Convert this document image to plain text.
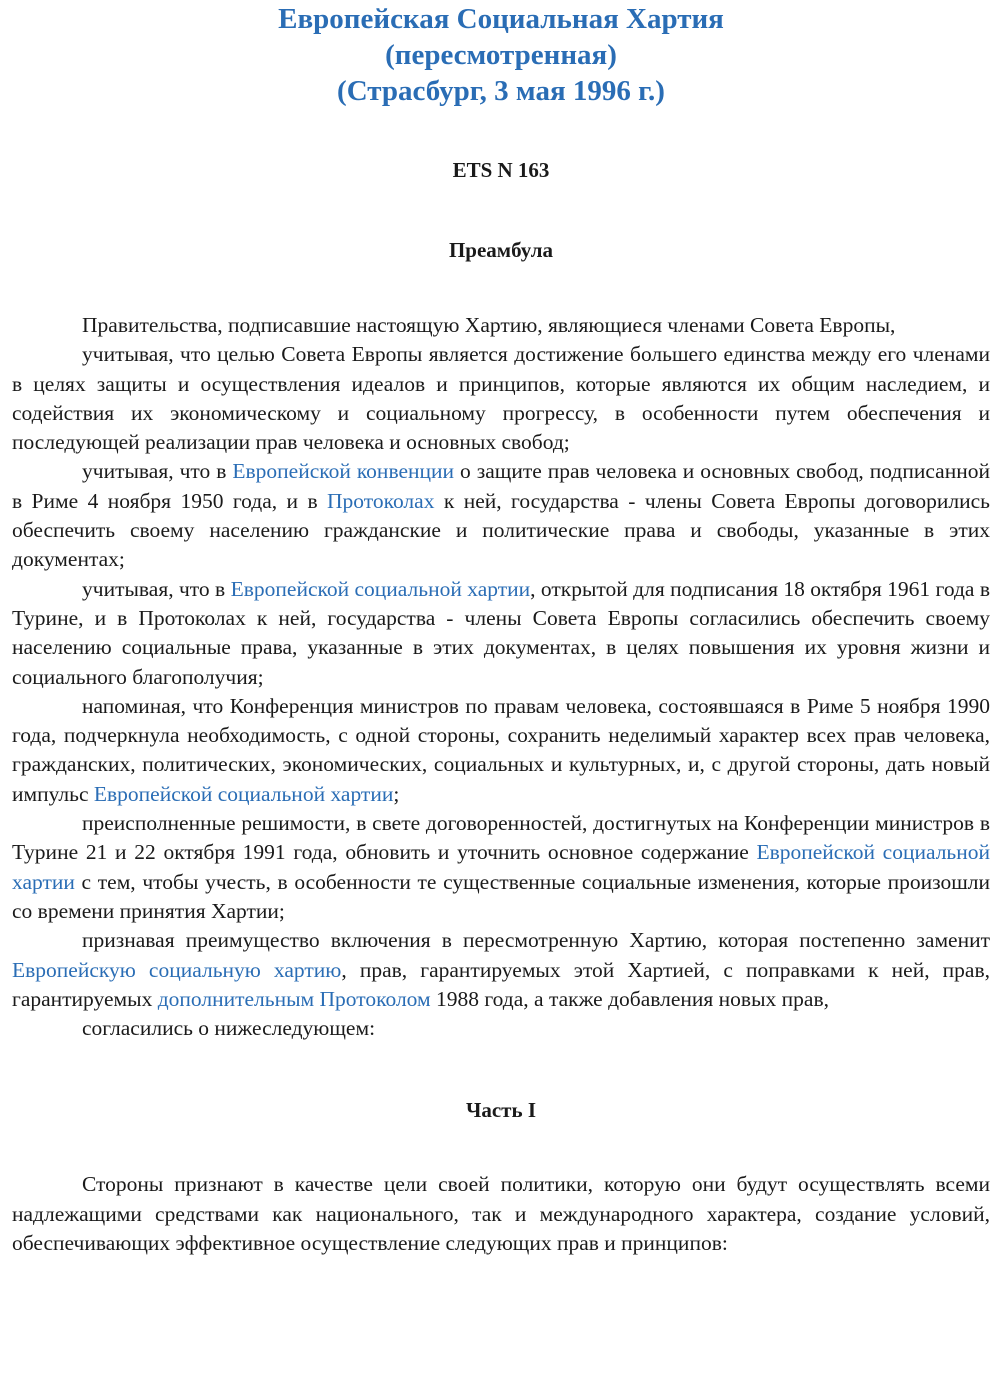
Европейская Социальная Хартия
(пересмотренная)
(Страсбург, 3 мая 1996 г.)
ETS N 163
Преамбула

Правительства, подписавшие настоящую Хартию, являющиеся членами Совета Европы,

учитывая, что целью Совета Европы является достижение большего единства между его членами в целях защиты и осуществления идеалов и принципов, которые являются их общим наследием, и содействия их экономическому и социальному прогрессу, в особенности путем обеспечения и последующей реализации прав человека и основных свобод;

учитывая, что в Европейской конвенции о защите прав человека и основных свобод, подписанной в Риме 4 ноября 1950 года, и в Протоколах к ней, государства - члены Совета Европы договорились обеспечить своему населению гражданские и политические права и свободы, указанные в этих документах;

учитывая, что в Европейской социальной хартии, открытой для подписания 18 октября 1961 года в Турине, и в Протоколах к ней, государства - члены Совета Европы согласились обеспечить своему населению социальные права, указанные в этих документах, в целях повышения их уровня жизни и социального благополучия;

напоминая, что Конференция министров по правам человека, состоявшаяся в Риме 5 ноября 1990 года, подчеркнула необходимость, с одной стороны, сохранить неделимый характер всех прав человека, гражданских, политических, экономических, социальных и культурных, и, с другой стороны, дать новый импульс Европейской социальной хартии;

преисполненные решимости, в свете договоренностей, достигнутых на Конференции министров в Турине 21 и 22 октября 1991 года, обновить и уточнить основное содержание Европейской социальной хартии с тем, чтобы учесть, в особенности те существенные социальные изменения, которые произошли со времени принятия Хартии;

признавая преимущество включения в пересмотренную Хартию, которая постепенно заменит Европейскую социальную хартию, прав, гарантируемых этой Хартией, с поправками к ней, прав, гарантируемых дополнительным Протоколом 1988 года, а также добавления новых прав,

согласились о нижеследующем:

Часть I

Стороны признают в качестве цели своей политики, которую они будут осуществлять всеми надлежащими средствами как национального, так и международного характера, создание условий, обеспечивающих эффективное осуществление следующих прав и принципов:
